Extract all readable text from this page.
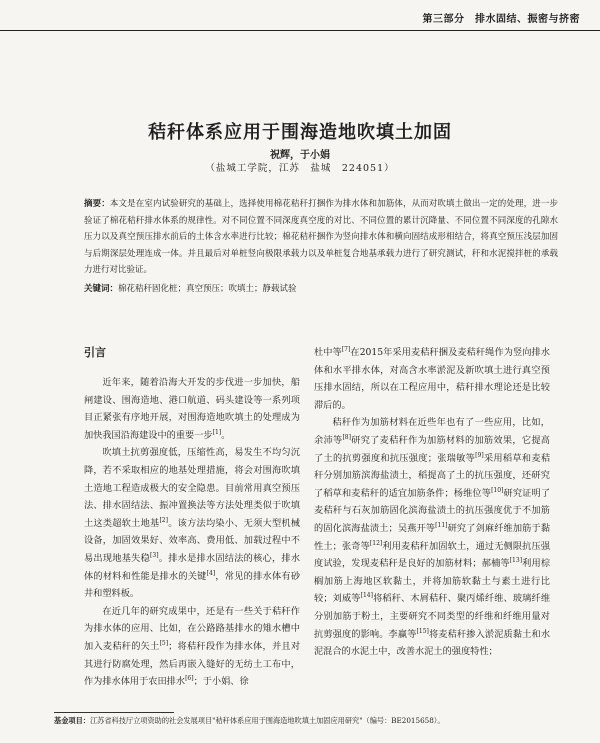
第三部分　排水固结、振密与挤密
秸秆体系应用于围海造地吹填土加固

祝辉，于小娟

（盐城工学院，江苏　盐城　224051）

摘要：本文是在室内试验研究的基础上，选择使用棉花秸秆打捆作为排水体和加筋体，从而对吹填土做出一定的处理，进一步验证了棉花秸秆排水体系的规律性。对不同位置不同深度真空度的对比、不同位置的累计沉降量、不同位置不同深度的孔隙水压力以及真空预压排水前后的土体含水率进行比较；棉花秸秆捆作为竖向排水体和横向固结成形相结合，将真空预压浅层加固与后期深层处理连成一体。并且最后对单桩竖向极限承载力以及单桩复合地基承载力进行了研究测试，秆和水泥搅拌桩的承载力进行对比验证。

关键词：棉花秸秆固化桩；真空预压；吹填土；静载试验

引言

近年来，随着沿海大开发的步伐进一步加快，船闸建设、围海造地、港口航道、码头建设等一系列项目正紧张有序地开展，对围海造地吹填土的处理成为加快我国沿海建设中的重要一步[1]。

吹填土抗剪强度低，压缩性高，易发生不均匀沉降，若不采取相应的地基处理措施，将会对围海吹填土造地工程造成极大的安全隐患。目前常用真空预压法、排水固结法、振冲置换法等方法处理类似于吹填土这类超软土地基[2]。该方法均染小、无须大型机械设备，加固效果好、效率高、费用低、加载过程中不易出现地基失稳[3]。排水是排水固结法的核心，排水体的材料和性能是排水的关键[4]，常见的排水体有砂井和塑料板。

在近几年的研究成果中，还是有一些关于秸秆作为排水体的应用、比如，在公路路基排水的雉水槽中加入麦秸秆的矢土[5]；将秸秆段作为排水体，并且对其进行防腐处理，然后再嵌入缝好的无纺土工布中，作为排水体用于农田排水[6]；于小娟、徐

杜中等[7]在2015年采用麦秸秆捆及麦秸秆绳作为竖向排水体和水平排水体，对高含水率淤泥及新吹填土进行真空预压排水固结，所以在工程应用中，秸秆排水理论还是比较滞后的。

秸秆作为加筋材料在近些年也有了一些应用，比如，余沛等[8]研究了麦秸秆作为加筋材料的加筋效果，它提高了土的抗剪强度和抗压强度；张瑞敏等[9]采用稻草和麦秸秆分别加筋滨海盐渍土，稻提高了土的抗压强度，还研究了稻草和麦秸秆的适宜加筋条件；杨维位等[10]研究证明了麦秸秆与石灰加筋固化滨海盐渍土的抗压强度优于不加筋的固化滨海盐渍土；吴燕开等[11]研究了剑麻纤维加筋于黏性土；张奇等[12]利用麦秸秆加固软土，通过无侧限抗压强度试验，发现麦秸秆是良好的加筋材料；郝楠等[13]利用棕榈加筋上海地区软黏土，并将加筋软黏土与素土进行比较；刘威等[14]将稻秆、木屑秸秆、聚丙烯纤维、玻璃纤维分别加筋于粉土，主要研究不同类型的纤维和纤维用量对抗剪强度的影响。李赢等[15]将麦秸秆掺入淤泥质黏土和水泥混合的水泥土中，改善水泥土的强度特性；

基金项目：江苏省科技厅立项资助的社会发展项目"秸秆体系应用于围海造地吹填土加固应用研究"（编号：BE2015658）。
